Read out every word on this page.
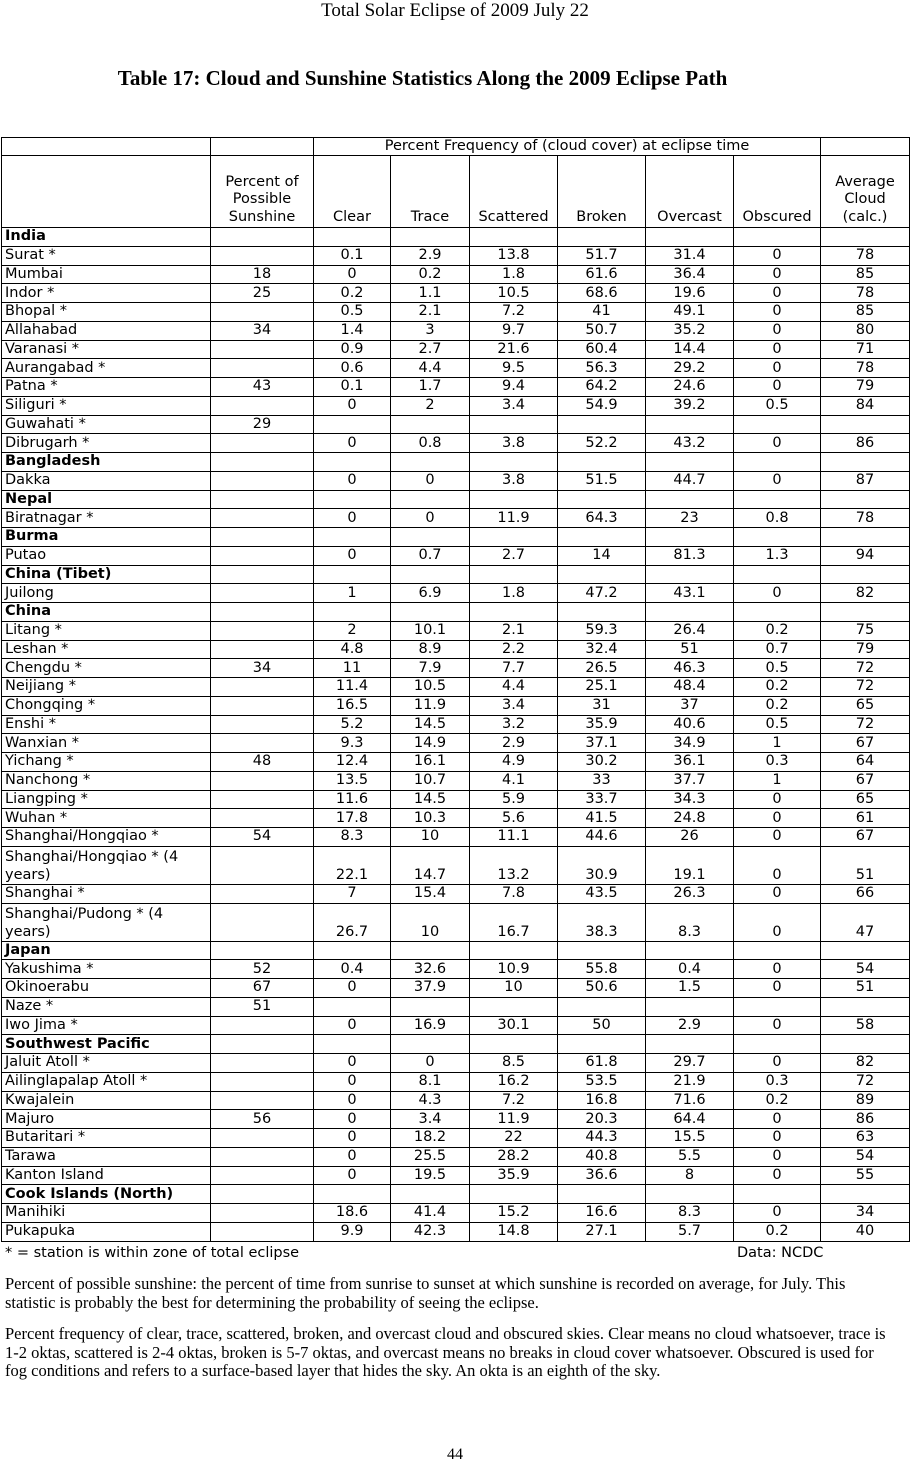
Total Solar Eclipse of 2009 July 22
Table 17: Cloud and Sunshine Statistics Along the 2009 Eclipse Path
		Percent Frequency of (cloud cover) at eclipse time						
	Percent of Possible Sunshine	Clear	Trace	Scattered	Broken	Overcast	Obscured	Average Cloud (calc.)
India								
Surat *		0.1	2.9	13.8	51.7	31.4	0	78
Mumbai	18	0	0.2	1.8	61.6	36.4	0	85
Indor *	25	0.2	1.1	10.5	68.6	19.6	0	78
Bhopal *		0.5	2.1	7.2	41	49.1	0	85
Allahabad	34	1.4	3	9.7	50.7	35.2	0	80
Varanasi *		0.9	2.7	21.6	60.4	14.4	0	71
Aurangabad *		0.6	4.4	9.5	56.3	29.2	0	78
Patna *	43	0.1	1.7	9.4	64.2	24.6	0	79
Siliguri *		0	2	3.4	54.9	39.2	0.5	84
Guwahati *	29							
Dibrugarh *		0	0.8	3.8	52.2	43.2	0	86
Bangladesh								
Dakka		0	0	3.8	51.5	44.7	0	87
Nepal								
Biratnagar *		0	0	11.9	64.3	23	0.8	78
Burma								
Putao		0	0.7	2.7	14	81.3	1.3	94
China (Tibet)								
Juilong		1	6.9	1.8	47.2	43.1	0	82
China								
Litang *		2	10.1	2.1	59.3	26.4	0.2	75
Leshan *		4.8	8.9	2.2	32.4	51	0.7	79
Chengdu *	34	11	7.9	7.7	26.5	46.3	0.5	72
Neijiang *		11.4	10.5	4.4	25.1	48.4	0.2	72
Chongqing *		16.5	11.9	3.4	31	37	0.2	65
Enshi *		5.2	14.5	3.2	35.9	40.6	0.5	72
Wanxian *		9.3	14.9	2.9	37.1	34.9	1	67
Yichang *	48	12.4	16.1	4.9	30.2	36.1	0.3	64
Nanchong *		13.5	10.7	4.1	33	37.7	1	67
Liangping *		11.6	14.5	5.9	33.7	34.3	0	65
Wuhan *		17.8	10.3	5.6	41.5	24.8	0	61
Shanghai/Hongqiao *	54	8.3	10	11.1	44.6	26	0	67
Shanghai/Hongqiao * (4 years)		22.1	14.7	13.2	30.9	19.1	0	51
Shanghai *		7	15.4	7.8	43.5	26.3	0	66
Shanghai/Pudong * (4 years)		26.7	10	16.7	38.3	8.3	0	47
Japan								
Yakushima *	52	0.4	32.6	10.9	55.8	0.4	0	54
Okinoerabu	67	0	37.9	10	50.6	1.5	0	51
Naze *	51							
Iwo Jima *		0	16.9	30.1	50	2.9	0	58
Southwest Pacific								
Jaluit Atoll *		0	0	8.5	61.8	29.7	0	82
Ailinglapalap Atoll *		0	8.1	16.2	53.5	21.9	0.3	72
Kwajalein		0	4.3	7.2	16.8	71.6	0.2	89
Majuro	56	0	3.4	11.9	20.3	64.4	0	86
Butaritari *		0	18.2	22	44.3	15.5	0	63
Tarawa		0	25.5	28.2	40.8	5.5	0	54
Kanton Island		0	19.5	35.9	36.6	8	0	55
Cook Islands (North)								
Manihiki		18.6	41.4	15.2	16.6	8.3	0	34
Pukapuka		9.9	42.3	14.8	27.1	5.7	0.2	40
* = station is within zone of total eclipse	Data: NCDC
Percent of possible sunshine: the percent of time from sunrise to sunset at which sunshine is recorded on average, for July. This statistic is probably the best for determining the probability of seeing the eclipse.
Percent frequency of clear, trace, scattered, broken, and overcast cloud and obscured skies. Clear means no cloud whatsoever, trace is 1-2 oktas, scattered is 2-4 oktas, broken is 5-7 oktas, and overcast means no breaks in cloud cover whatsoever. Obscured is used for fog conditions and refers to a surface-based layer that hides the sky. An okta is an eighth of the sky.
44
